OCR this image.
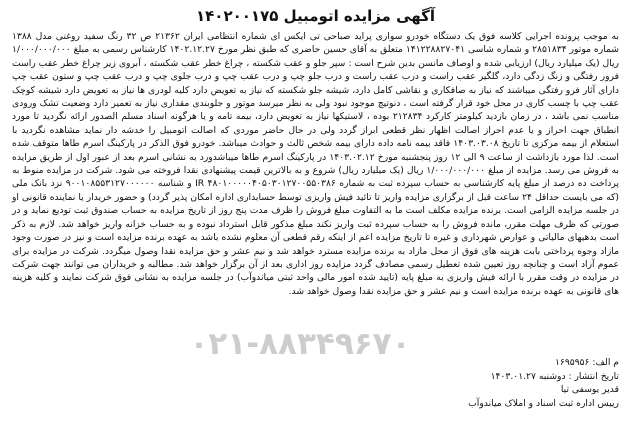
آگهی مزایده اتومبیل ۱۴۰۲۰۰۱۷۵

به موجب پرونده اجرایی کلاسه فوق یک دستگاه خودرو سواری پراید صباحی تی ایکس ای شماره انتظامی ایران ۲۱۳۶۲ ص ۳۲ رنگ سفید روغنی مدل ۱۳۸۸ شماره موتور ۲۸۵۱۸۳۴ و شماره شاسی ۱۴۱۲۲۸۸۲۷۰۴۱ متعلق به آقای حسین حاضری که طبق نظر مورخ ۱۴۰۲.۱۲.۲۷ کارشناس رسمی به مبلغ ۱/۰۰۰/۰۰۰/۰۰۰ ریال (یک میلیارد ریال) ارزیابی شده و اوصاف مانسن بدین شرح است : سپر جلو و عقب شکسته ، چراغ خطر عقب شکسته ، آبروی زیر چراغ خطر عقب راست فرور رفتگی و زنگ زدگی دارد، گلگیر عقب راست و درب عقب راست و درب جلو چپ و درب عقب چپ و درب جلوی چپ و درب عقب چپ و ستون عقب چپ دارای آثار فرو رفتگی میباشند که نیاز به صافکاری و نقاشی کامل دارد، شیشه جلو شکسته که نیاز به تعویض دارد کلیه لودری ها نیاز به تعویض دارد شیشه کوچک عقب چپ با چسب کاری در محل خود قرار گرفته است ، دنوتیچ موجود نبود ولی به نظر میرسد موتور و جلوبندی مقداری نیاز به تعمیر دارد وضعیت تشک ورودی مناسب نمی باشد ، در زمان بازدید کیلومتر کارکرد ۲۱۲۸۳۴ بوده ، لاستیکها نیاز به تعویض دارد، بیمه تامه و یا هرگونه اسناد مسلم الصدور ارائه نگردید تا مورد انطباق جهت احراز و یا عدم احراز اصالت اظهار نظر قطعی ابراز گردد ولی در حال حاضر موردی که اصالت اتومبیل را خدشه دار نماید مشاهده نگردید با استعلام از بیمه مرکزی تا تاریخ ۱۴۰۳.۰۳.۰۸ فاقد بیمه نامه داده دارای بیمه شخص ثالث و حوادث میباشد. خودرو فوق الذکر در پارکینگ اسرم طاها متوقف شده است. لذا مورد بازداشت از ساعت ۹ الی ۱۲ روز پنجشنبه مورخ ۱۴۰۳.۰۲.۱۲ در پارکینگ اسرم طاها میباشدورد به نشانی اسرم بعد از عبور اول از طریق مزایده به فروش می رسد. مزایده از مبلغ ۱/۰۰۰/۰۰۰/۰۰۰ ریال (یک میلیارد ریال) شروع و به بالاترین قیمت پیشنهادی نقدا فروخته می شود. شرکت در مزایده منوط به پرداخت ده درصد از مبلغ پایه کارشناسی به حساب سپرده ثبت به شماره IR ۴۸۰۱۰۰۰۰۰۴۰۵۰۳۰۱۲۷۰۰۵۵۰۳۸۶ و شناسه ۹۰۰۱۰۸۵۵۳۱۲۷۰۰۰۰۰۰ نزد بانک ملی (که می بایست حداقل ۲۴ ساعت قبل از برگزاری مزایده واریز تا تائید فیش واریزی توسط حسابداری اداره امکان پذیر گردد) و حضور خریدار یا نماینده قانونی او در جلسه مزایده الزامی است. برنده مزایده مکلف است ما به التفاوت مبلغ فروش را ظرف مدت پنج روز از تاریخ مزایده به حساب صندوق ثبت تودیع نماید و در صورتی که ظرف مهلت مقرر، مانده فروش را به حساب سپرده ثبت واریز نکند مبلغ مذکور قابل استرداد نبوده و به حساب خزانه واریز خواهد شد. لازم به ذکر است بدهیهای مالیاتی و عوارض شهرداری و غیره تا تاریخ مزایده اعم از اینکه رقم قطعی آن معلوم نشده باشد به عهده برنده مزایده است و نیز در صورت وجود مازاد وجوه پرداختی بابت هزینه های فوق از محل مازاد به برنده مزایده مسترد خواهد شد و نیم عشر و حق مزایده نقدا وصول میگردد. شرکت در مزایده برای عموم آزاد است و چنانچه روز تعیین شده تعطیل رسمی مصادف گردد مزایده روز اداری بعد از آن برگزار خواهد شد. مطالبه و خریداران می توانند جهت شرکت در مزایده در وقت مقرر با ارائه فیش واریزی به مبلغ پایه (تایید شده امور مالی واحد ثبتی میاندوآب) در جلسه مزایده به نشانی فوق شرکت نمایند و کلیه هزینه های قانونی به عهده برنده مزایده است و نیم عشر و حق مزایده نقدا وصول خواهد شد.

۰۲۱-۸۸۳۴۹۶۷۰
م الف: ۱۶۹۵۹۵۶
تاریخ انتشار : دوشنبه ۱۴۰۳.۰۱.۲۷
قدیر یوسفی تیا
رییس اداره ثبت اسناد و املاک میاندوآب
